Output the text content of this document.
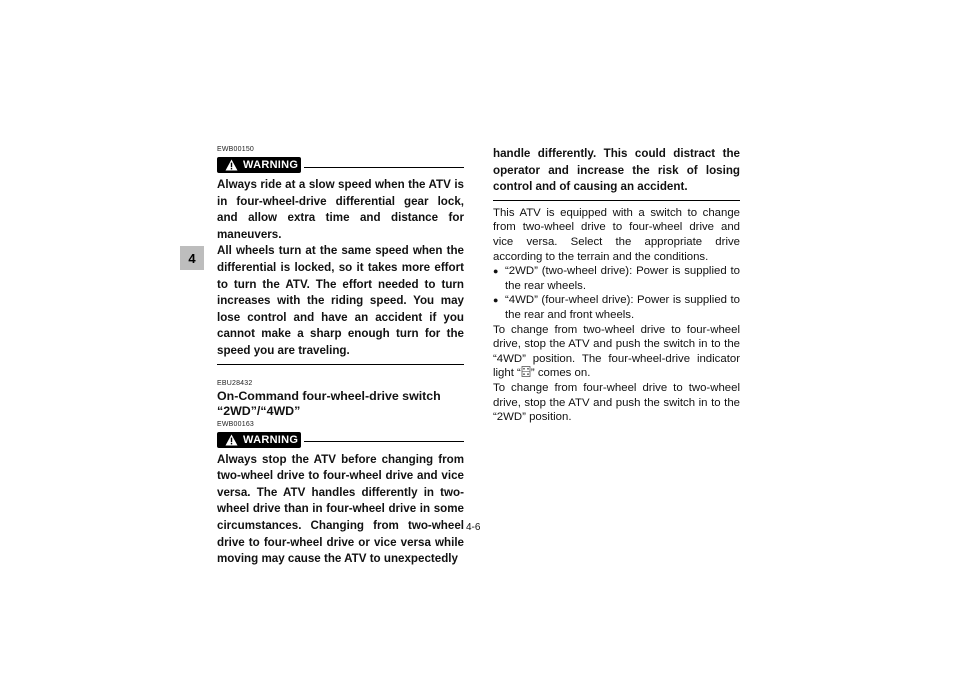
4
EWB00150
WARNING

Always ride at a slow speed when the ATV is in four-wheel-drive differential gear lock, and allow extra time and distance for maneuvers.

All wheels turn at the same speed when the differential is locked, so it takes more effort to turn the ATV. The effort needed to turn increases with the riding speed. You may lose control and have an accident if you cannot make a sharp enough turn for the speed you are traveling.

EBU28432
On-Command four-wheel-drive switch
“2WD”/“4WD”
EWB00163
WARNING

Always stop the ATV before changing from two-wheel drive to four-wheel drive and vice versa. The ATV handles differently in two-wheel drive than in four-wheel drive in some circumstances. Changing from two-wheel drive to four-wheel drive or vice versa while moving may cause the ATV to unexpectedly

handle differently. This could distract the operator and increase the risk of losing control and of causing an accident.

This ATV is equipped with a switch to change from two-wheel drive to four-wheel drive and vice versa. Select the appropriate drive according to the terrain and the conditions.

● “2WD” (two-wheel drive): Power is supplied to the rear wheels.
● “4WD” (four-wheel drive): Power is supplied to the rear and front wheels.

To change from two-wheel drive to four-wheel drive, stop the ATV and push the switch in to the “4WD” position. The four-wheel-drive indicator light “ ” comes on.

To change from four-wheel drive to two-wheel drive, stop the ATV and push the switch in to the “2WD” position.

4-6
